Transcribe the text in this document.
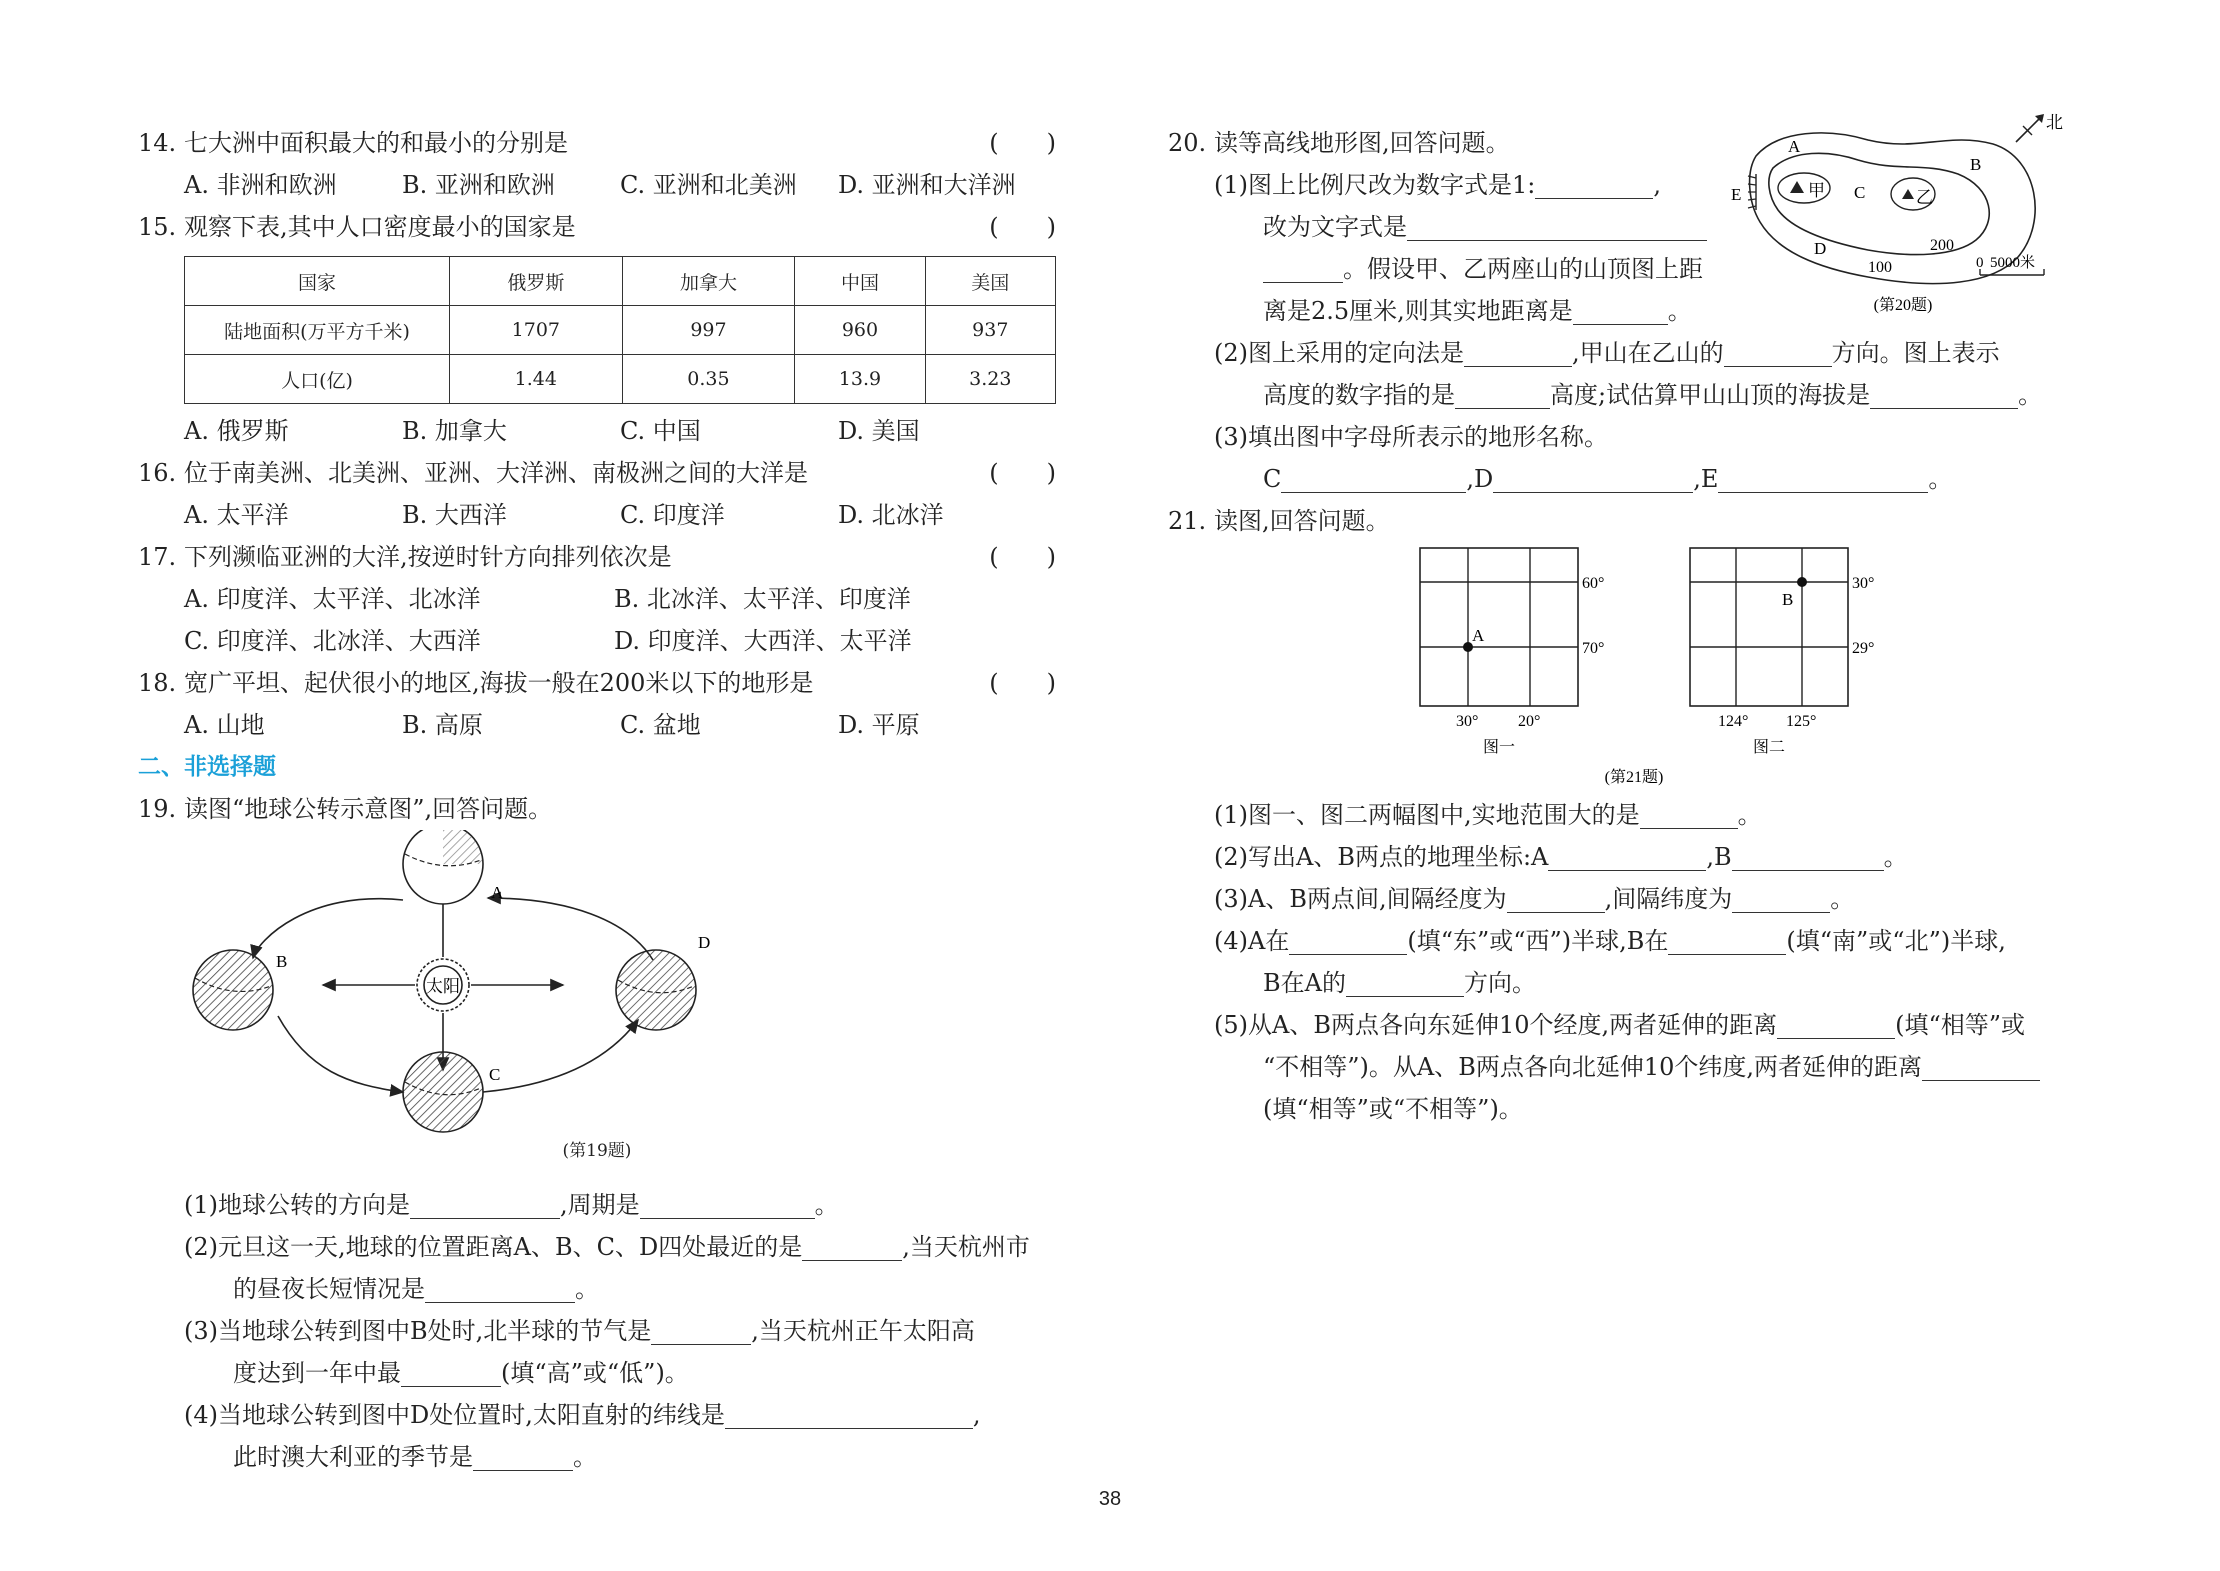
14. 七大洲中面积最大的和最小的分别是	(　　)
A. 非洲和欧洲	B. 亚洲和欧洲	C. 亚洲和北美洲	D. 亚洲和大洋洲
15. 观察下表,其中人口密度最小的国家是	(　　)
国家	俄罗斯	加拿大	中国	美国
陆地面积(万平方千米)	1707	997	960	937
人口(亿)	1.44	0.35	13.9	3.23
A. 俄罗斯	B. 加拿大	C. 中国	D. 美国
16. 位于南美洲、北美洲、亚洲、大洋洲、南极洲之间的大洋是	(　　)
A. 太平洋	B. 大西洋	C. 印度洋	D. 北冰洋
17. 下列濒临亚洲的大洋,按逆时针方向排列依次是	(　　)
A. 印度洋、太平洋、北冰洋	B. 北冰洋、太平洋、印度洋
C. 印度洋、北冰洋、大西洋	D. 印度洋、大西洋、太平洋
18. 宽广平坦、起伏很小的地区,海拔一般在200米以下的地形是	(　　)
A. 山地	B. 高原	C. 盆地	D. 平原
二、非选择题
19. 读图“地球公转示意图”,回答问题。
太阳
A
B
C
D
(第19题)
(1)地球公转的方向是	,周期是	。
(2)元旦这一天,地球的位置距离A、B、C、D四处最近的是	,当天杭州市
的昼夜长短情况是	。
(3)当地球公转到图中B处时,北半球的节气是	,当天杭州正午太阳高
度达到一年中最	(填“高”或“低”)。
(4)当地球公转到图中D处位置时,太阳直射的纬线是	,
此时澳大利亚的季节是	。
北
甲	乙
A
B
C
D
E
200
100	0 5000米
(第20题)
20. 读等高线地形图,回答问题。
(1)图上比例尺改为数字式是1:	,
改为文字式是
。假设甲、乙两座山的山顶图上距
离是2.5厘米,则其实地距离是	。
(2)图上采用的定向法是	,甲山在乙山的	方向。图上表示
高度的数字指的是	高度;试估算甲山山顶的海拔是	。
(3)填出图中字母所表示的地形名称。
C	,D	,E	。
21. 读图,回答问题。
A
60°
70°
30° 20°
图一
B
30°
29°
124° 125°
图二
(第21题)
(1)图一、图二两幅图中,实地范围大的是	。
(2)写出A、B两点的地理坐标:A	,B	。
(3)A、B两点间,间隔经度为	,间隔纬度为	。
(4)A在	(填“东”或“西”)半球,B在	(填“南”或“北”)半球,
B在A的	方向。
(5)从A、B两点各向东延伸10个经度,两者延伸的距离	(填“相等”或
“不相等”)。从A、B两点各向北延伸10个纬度,两者延伸的距离
(填“相等”或“不相等”)。
38
